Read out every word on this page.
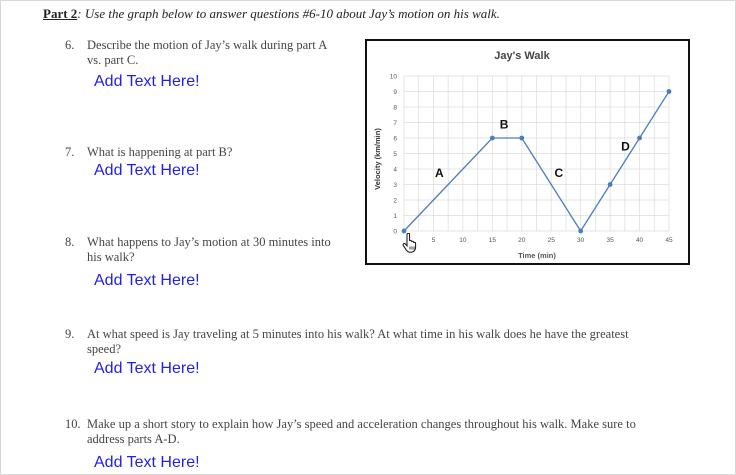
Part 2: Use the graph below to answer questions #6-10 about Jay’s motion on his walk.
6. Describe the motion of Jay’s walk during part A
vs. part C.
Add Text Here!
7. What is happening at part B?
Add Text Here!
8. What happens to Jay’s motion at 30 minutes into
his walk?
Add Text Here!
9. At what speed is Jay traveling at 5 minutes into his walk? At what time in his walk does he have the greatest
speed?
Add Text Here!
10. Make up a short story to explain how Jay’s speed and acceleration changes throughout his walk. Make sure to
address parts A-D.
Add Text Here!
Jay's Walk
0
1
2
3
4
5
6
7
8
9
10
5	10	15	20	25	30	35	40	45
A
B
C
D
Time (min)
Velocity (km/min)
